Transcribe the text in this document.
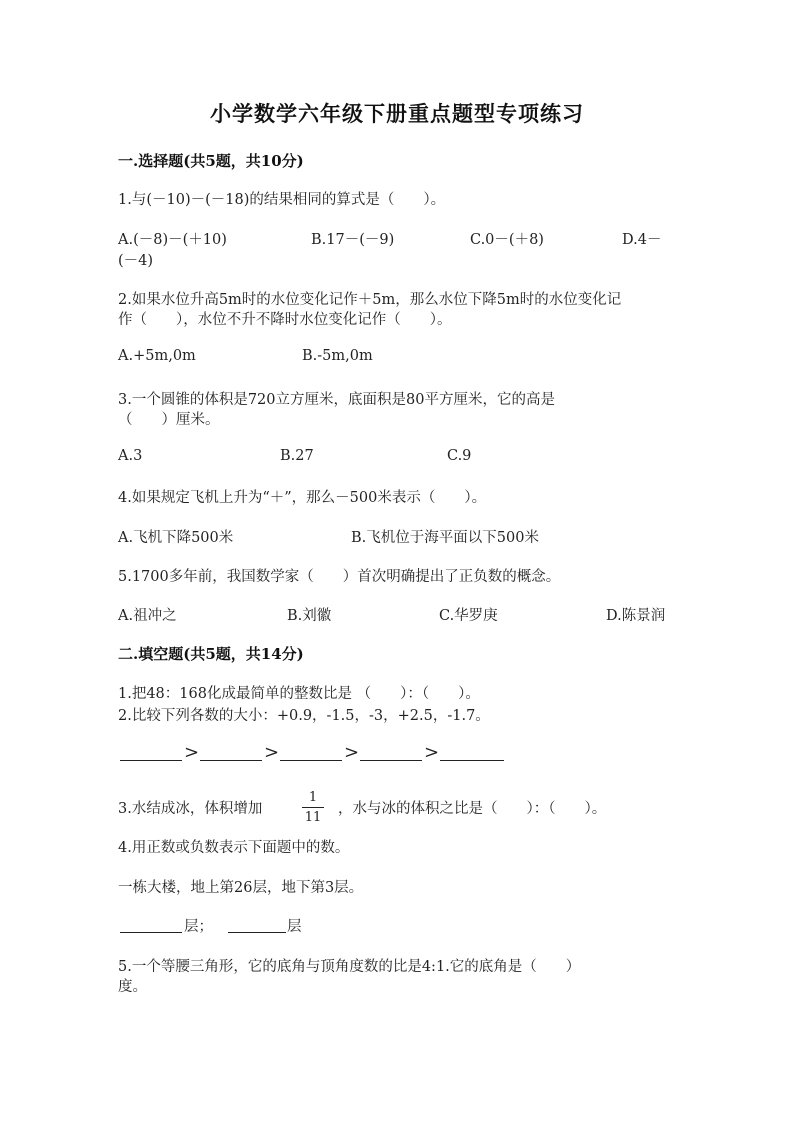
小学数学六年级下册重点题型专项练习
一.选择题(共5题，共10分)
1.与(－10)－(－18)的结果相同的算式是（　　）。
A.(－8)－(＋10)	B.17－(－9)	C.0－(＋8)	D.4－
(－4)
2.如果水位升高5m时的水位变化记作＋5m，那么水位下降5m时的水位变化记
作（　　），水位不升不降时水位变化记作（　　）。
A.+5m,0m	B.-5m,0m
3.一个圆锥的体积是720立方厘米，底面积是80平方厘米，它的高是
（　　）厘米。
A.3	B.27	C.9
4.如果规定飞机上升为“＋”，那么－500米表示（　　）。
A.飞机下降500米	B.飞机位于海平面以下500米
5.1700多年前，我国数学家（　　）首次明确提出了正负数的概念。
A.祖冲之	B.刘徽	C.华罗庚	D.陈景润
二.填空题(共5题，共14分)
1.把48：168化成最简单的整数比是 （　　）：（　　）。
2.比较下列各数的大小：+0.9，-1.5，-3，+2.5，-1.7。
>	>	>	>
3.水结成冰，体积增加
1
11
，水与冰的体积之比是（　　）：（　　）。
4.用正数或负数表示下面题中的数。
一栋大楼，地上第26层，地下第3层。
层；	层
5.一个等腰三角形，它的底角与顶角度数的比是4:1.它的底角是（　　）
度。
